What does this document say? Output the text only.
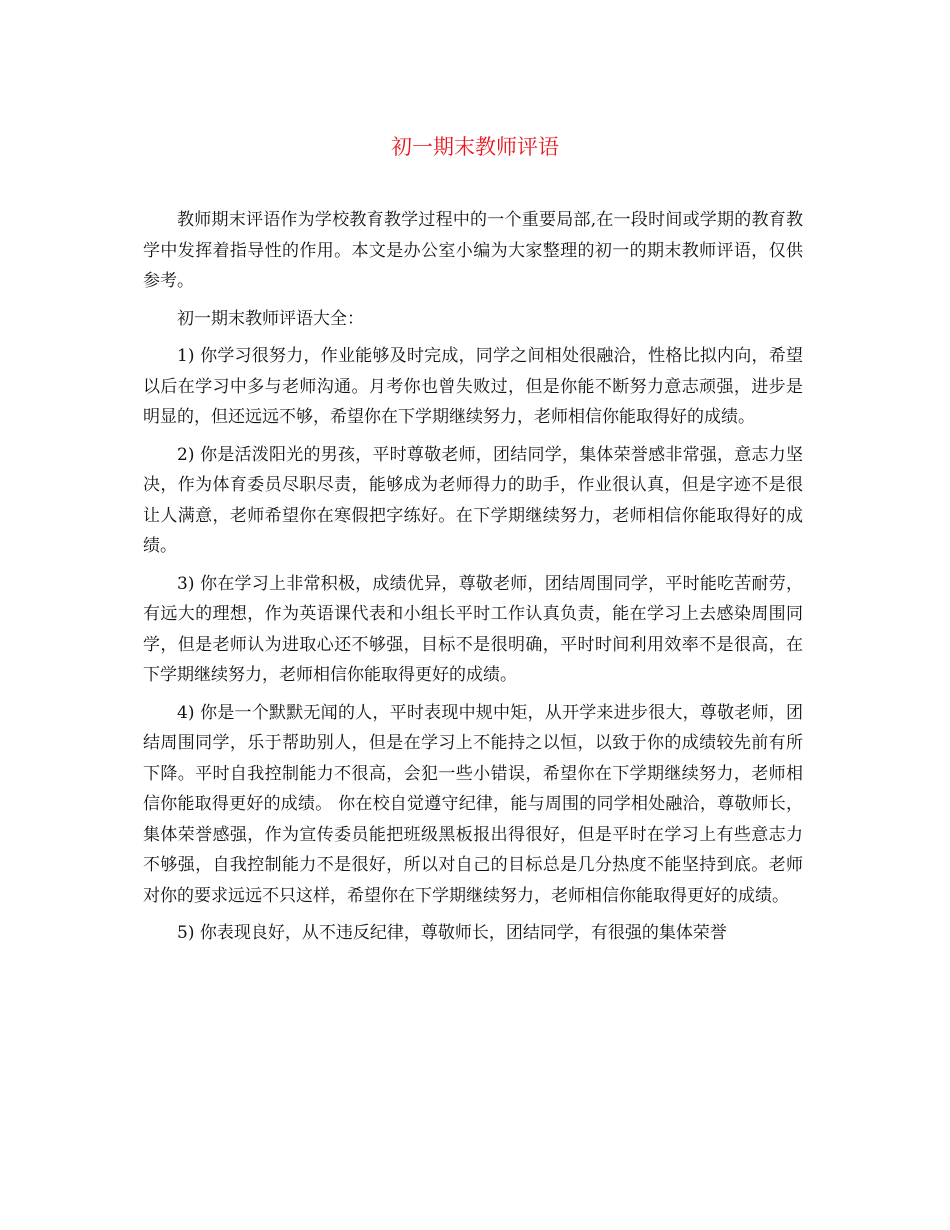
初一期末教师评语

教师期末评语作为学校教育教学过程中的一个重要局部,在一段时间或学期的教育教学中发挥着指导性的作用。本文是办公室小编为大家整理的初一的期末教师评语，仅供参考。

初一期末教师评语大全：

1) 你学习很努力，作业能够及时完成，同学之间相处很融洽，性格比拟内向，希望以后在学习中多与老师沟通。月考你也曾失败过，但是你能不断努力意志顽强，进步是明显的，但还远远不够，希望你在下学期继续努力，老师相信你能取得好的成绩。

2) 你是活泼阳光的男孩，平时尊敬老师，团结同学，集体荣誉感非常强，意志力坚决，作为体育委员尽职尽责，能够成为老师得力的助手，作业很认真，但是字迹不是很让人满意，老师希望你在寒假把字练好。在下学期继续努力，老师相信你能取得好的成绩。

3) 你在学习上非常积极，成绩优异，尊敬老师，团结周围同学，平时能吃苦耐劳，有远大的理想，作为英语课代表和小组长平时工作认真负责，能在学习上去感染周围同学，但是老师认为进取心还不够强，目标不是很明确，平时时间利用效率不是很高，在下学期继续努力，老师相信你能取得更好的成绩。

4) 你是一个默默无闻的人，平时表现中规中矩，从开学来进步很大，尊敬老师，团结周围同学，乐于帮助别人，但是在学习上不能持之以恒，以致于你的成绩较先前有所下降。平时自我控制能力不很高，会犯一些小错误，希望你在下学期继续努力，老师相信你能取得更好的成绩。 你在校自觉遵守纪律，能与周围的同学相处融洽，尊敬师长，集体荣誉感强，作为宣传委员能把班级黑板报出得很好，但是平时在学习上有些意志力不够强，自我控制能力不是很好，所以对自己的目标总是几分热度不能坚持到底。老师对你的要求远远不只这样，希望你在下学期继续努力，老师相信你能取得更好的成绩。

5) 你表现良好，从不违反纪律，尊敬师长，团结同学，有很强的集体荣誉
